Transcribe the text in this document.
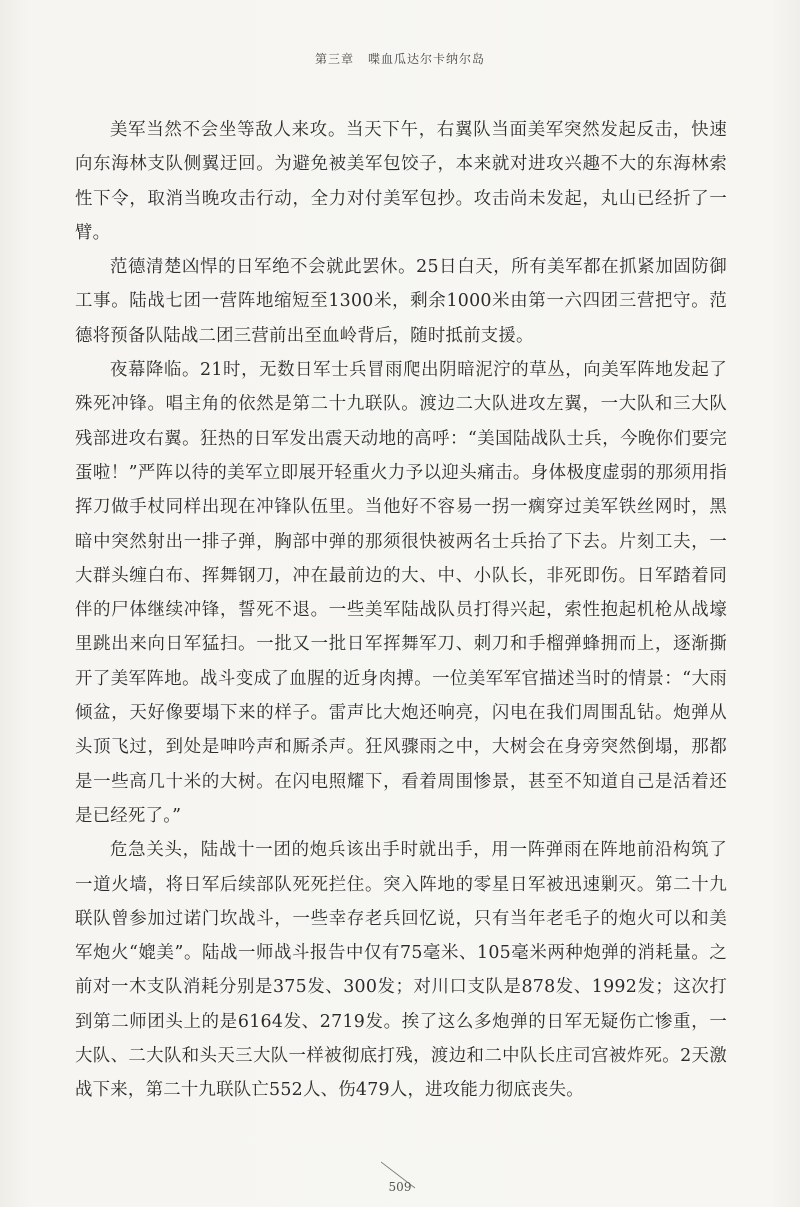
第三章 喋血瓜达尔卡纳尔岛

美军当然不会坐等敌人来攻。当天下午，右翼队当面美军突然发起反击，快速向东海林支队侧翼迂回。为避免被美军包饺子，本来就对进攻兴趣不大的东海林索性下令，取消当晚攻击行动，全力对付美军包抄。攻击尚未发起，丸山已经折了一臂。

范德清楚凶悍的日军绝不会就此罢休。25日白天，所有美军都在抓紧加固防御工事。陆战七团一营阵地缩短至1300米，剩余1000米由第一六四团三营把守。范德将预备队陆战二团三营前出至血岭背后，随时抵前支援。

夜幕降临。21时，无数日军士兵冒雨爬出阴暗泥泞的草丛，向美军阵地发起了殊死冲锋。唱主角的依然是第二十九联队。渡边二大队进攻左翼，一大队和三大队残部进攻右翼。狂热的日军发出震天动地的高呼：“美国陆战队士兵，今晚你们要完蛋啦！”严阵以待的美军立即展开轻重火力予以迎头痛击。身体极度虚弱的那须用指挥刀做手杖同样出现在冲锋队伍里。当他好不容易一拐一瘸穿过美军铁丝网时，黑暗中突然射出一排子弹，胸部中弹的那须很快被两名士兵抬了下去。片刻工夫，一大群头缠白布、挥舞钢刀，冲在最前边的大、中、小队长，非死即伤。日军踏着同伴的尸体继续冲锋，誓死不退。一些美军陆战队员打得兴起，索性抱起机枪从战壕里跳出来向日军猛扫。一批又一批日军挥舞军刀、刺刀和手榴弹蜂拥而上，逐渐撕开了美军阵地。战斗变成了血腥的近身肉搏。一位美军军官描述当时的情景：“大雨倾盆，天好像要塌下来的样子。雷声比大炮还响亮，闪电在我们周围乱钻。炮弹从头顶飞过，到处是呻吟声和厮杀声。狂风骤雨之中，大树会在身旁突然倒塌，那都是一些高几十米的大树。在闪电照耀下，看着周围惨景，甚至不知道自己是活着还是已经死了。”

危急关头，陆战十一团的炮兵该出手时就出手，用一阵弹雨在阵地前沿构筑了一道火墙，将日军后续部队死死拦住。突入阵地的零星日军被迅速剿灭。第二十九联队曾参加过诺门坎战斗，一些幸存老兵回忆说，只有当年老毛子的炮火可以和美军炮火“媲美”。陆战一师战斗报告中仅有75毫米、105毫米两种炮弹的消耗量。之前对一木支队消耗分别是375发、300发；对川口支队是878发、1992发；这次打到第二师团头上的是6164发、2719发。挨了这么多炮弹的日军无疑伤亡惨重，一大队、二大队和头天三大队一样被彻底打残，渡边和二中队长庄司宫被炸死。2天激战下来，第二十九联队亡552人、伤479人，进攻能力彻底丧失。

509
